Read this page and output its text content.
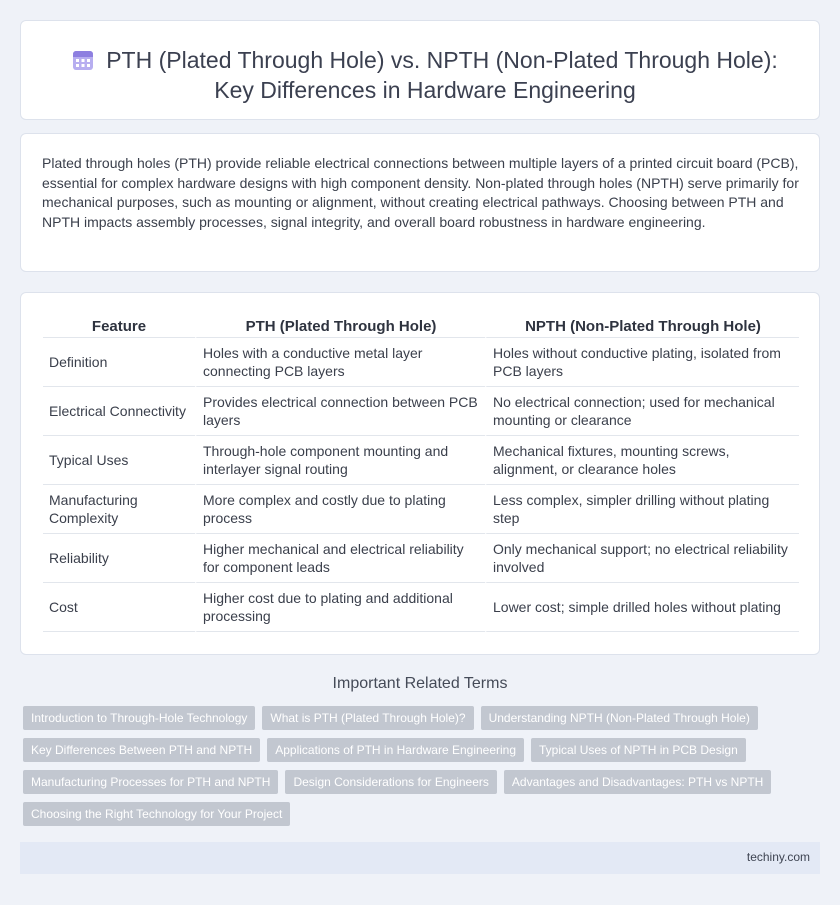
PTH (Plated Through Hole) vs. NPTH (Non-Plated Through Hole): Key Differences in Hardware Engineering

Plated through holes (PTH) provide reliable electrical connections between multiple layers of a printed circuit board (PCB), essential for complex hardware designs with high component density. Non-plated through holes (NPTH) serve primarily for mechanical purposes, such as mounting or alignment, without creating electrical pathways. Choosing between PTH and NPTH impacts assembly processes, signal integrity, and overall board robustness in hardware engineering.

Feature	PTH (Plated Through Hole)	NPTH (Non-Plated Through Hole)
Definition	Holes with a conductive metal layer connecting PCB layers	Holes without conductive plating, isolated from PCB layers
Electrical Connectivity	Provides electrical connection between PCB layers	No electrical connection; used for mechanical mounting or clearance
Typical Uses	Through-hole component mounting and interlayer signal routing	Mechanical fixtures, mounting screws, alignment, or clearance holes
Manufacturing Complexity	More complex and costly due to plating process	Less complex, simpler drilling without plating step
Reliability	Higher mechanical and electrical reliability for component leads	Only mechanical support; no electrical reliability involved
Cost	Higher cost due to plating and additional processing	Lower cost; simple drilled holes without plating
Important Related Terms
Introduction to Through-Hole Technology	What is PTH (Plated Through Hole)?	Understanding NPTH (Non-Plated Through Hole)
Key Differences Between PTH and NPTH	Applications of PTH in Hardware Engineering	Typical Uses of NPTH in PCB Design
Manufacturing Processes for PTH and NPTH	Design Considerations for Engineers	Advantages and Disadvantages: PTH vs NPTH
Choosing the Right Technology for Your Project
techiny.com
